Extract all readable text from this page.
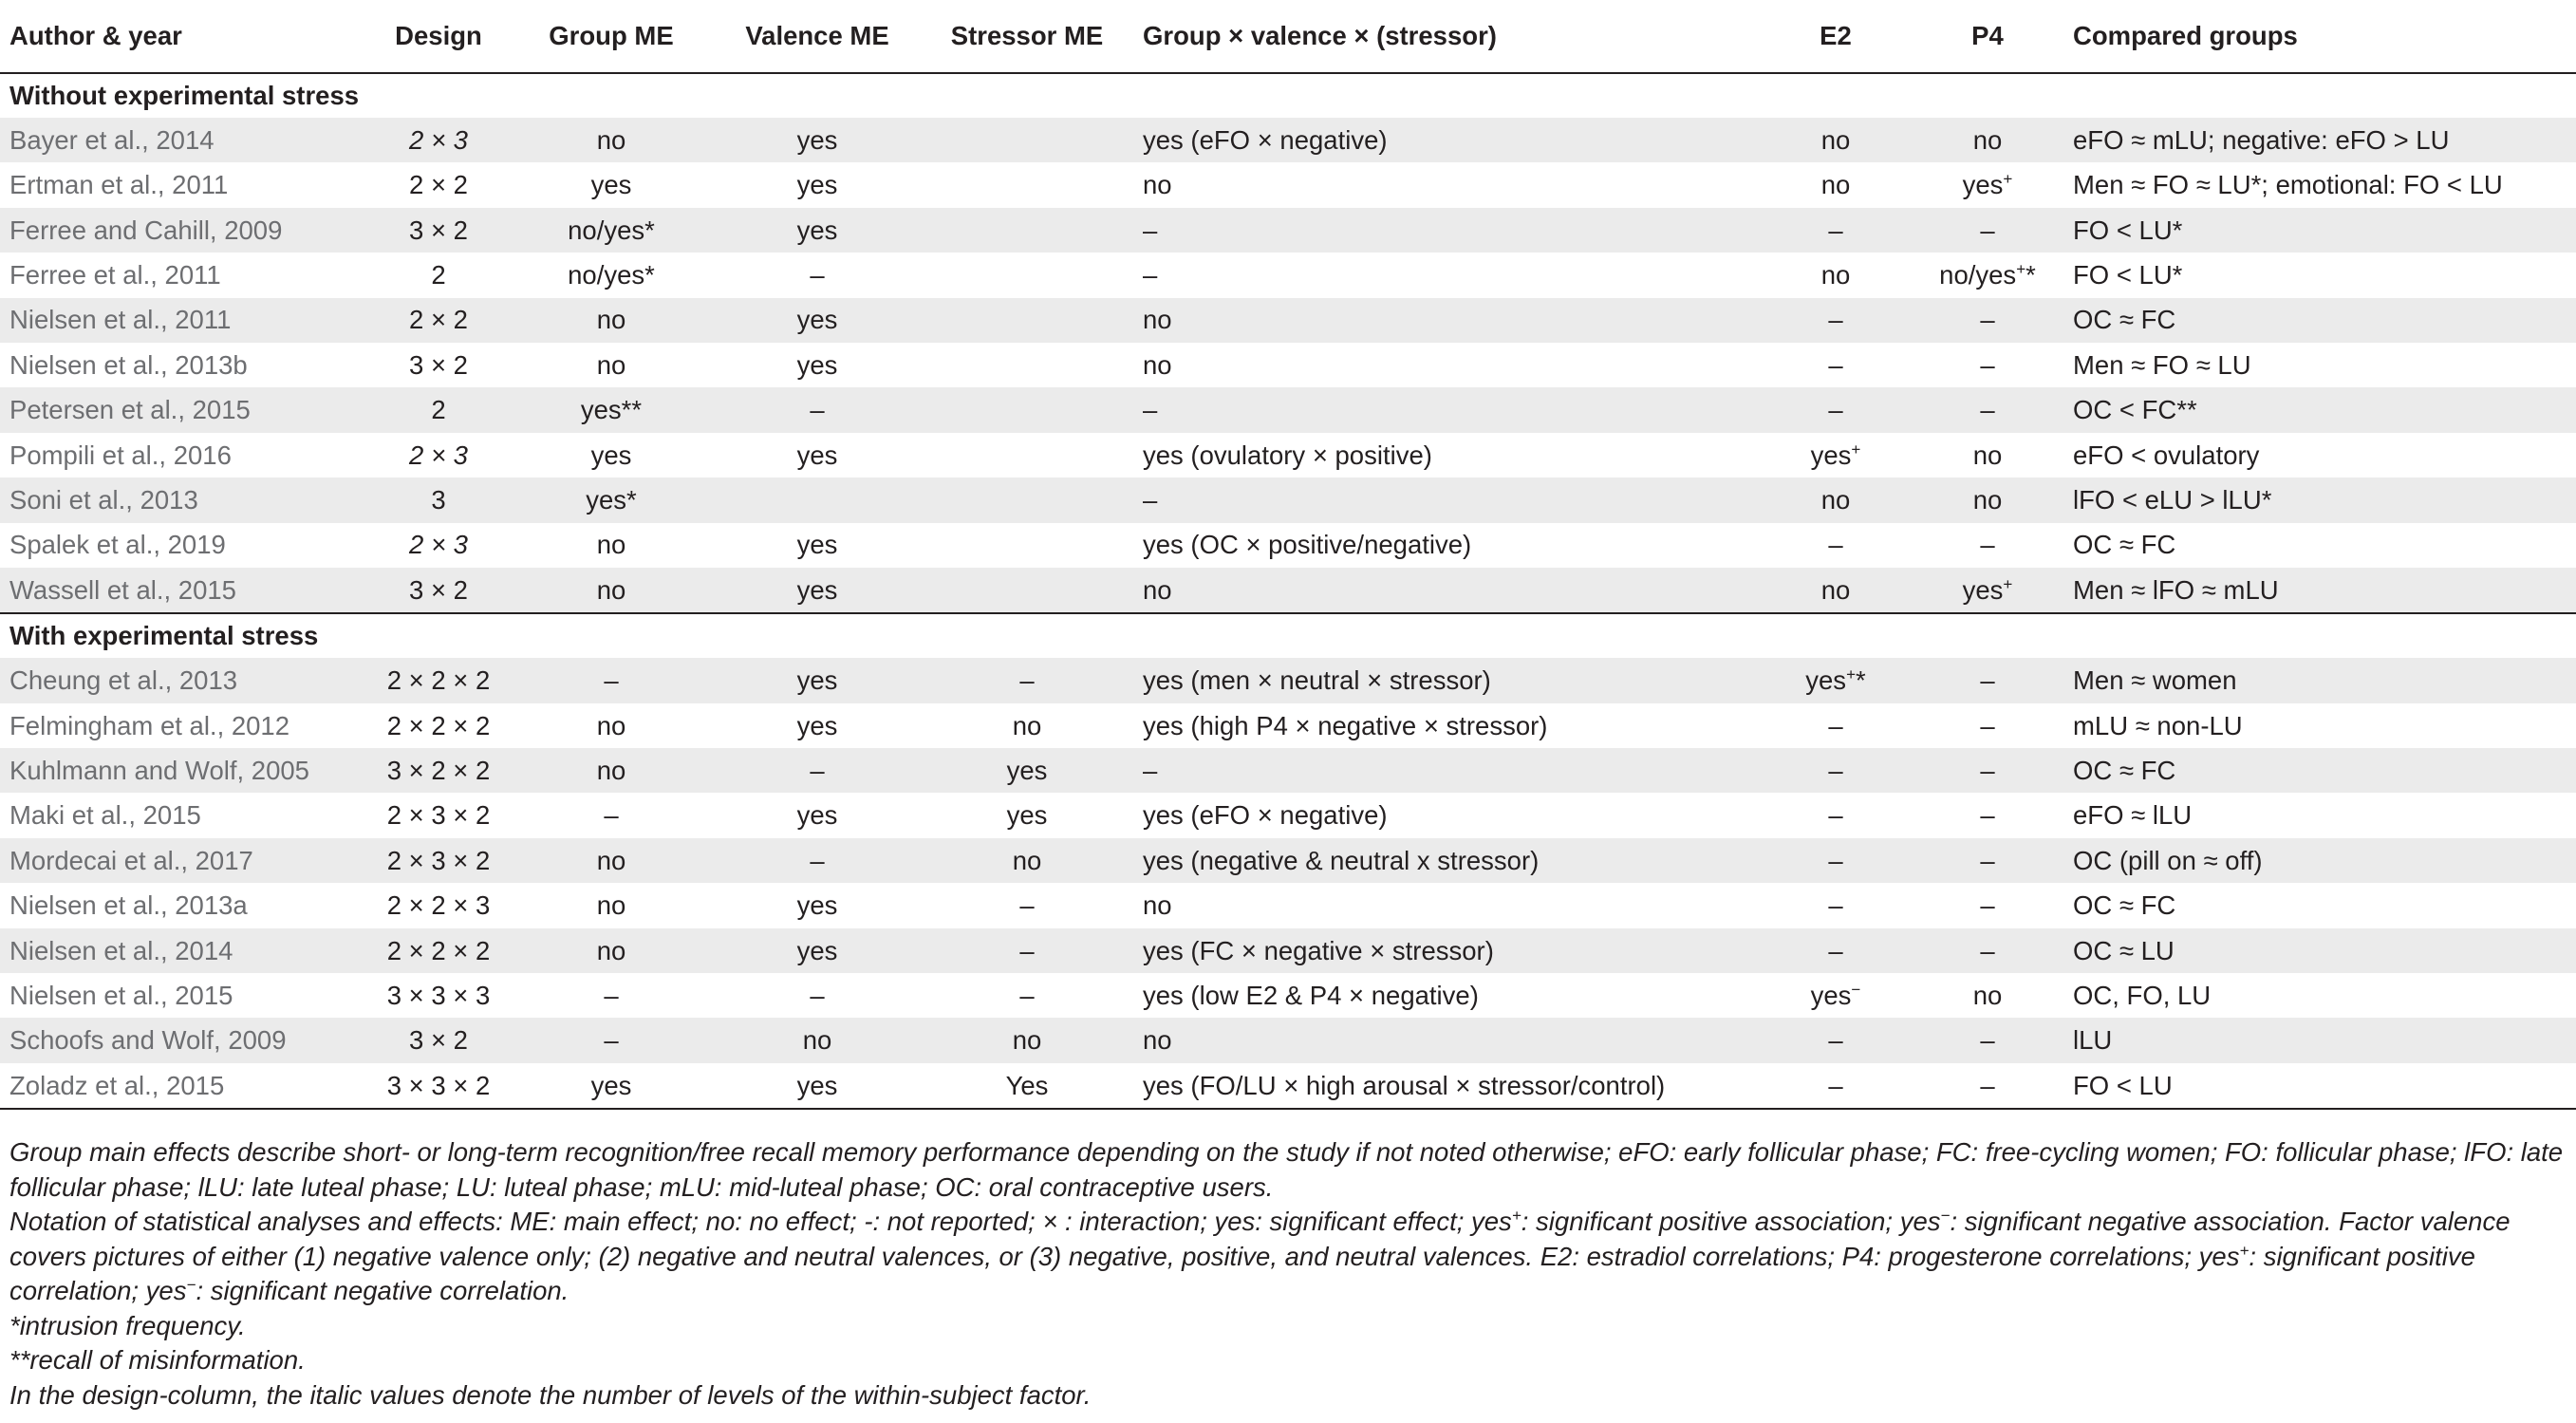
Author & year	Design	Group ME	Valence ME	Stressor ME	Group × valence × (stressor)	E2	P4	Compared groups
Without experimental stress								
Bayer et al., 2014	2 × 3	no	yes		yes (eFO × negative)	no	no	eFO ≈ mLU; negative: eFO > LU
Ertman et al., 2011	2 × 2	yes	yes		no	no	yes+	Men ≈ FO ≈ LU*; emotional: FO < LU
Ferree and Cahill, 2009	3 × 2	no/yes*	yes		–	–	–	FO < LU*
Ferree et al., 2011	2	no/yes*	–		–	no	no/yes+*	FO < LU*
Nielsen et al., 2011	2 × 2	no	yes		no	–	–	OC ≈ FC
Nielsen et al., 2013b	3 × 2	no	yes		no	–	–	Men ≈ FO ≈ LU
Petersen et al., 2015	2	yes**	–		–	–	–	OC < FC**
Pompili et al., 2016	2 × 3	yes	yes		yes (ovulatory × positive)	yes+	no	eFO < ovulatory
Soni et al., 2013	3	yes*			–	no	no	lFO < eLU > lLU*
Spalek et al., 2019	2 × 3	no	yes		yes (OC × positive/negative)	–	–	OC ≈ FC
Wassell et al., 2015	3 × 2	no	yes		no	no	yes+	Men ≈ lFO ≈ mLU
With experimental stress								
Cheung et al., 2013	2 × 2 × 2	–	yes	–	yes (men × neutral × stressor)	yes+*	–	Men ≈ women
Felmingham et al., 2012	2 × 2 × 2	no	yes	no	yes (high P4 × negative × stressor)	–	–	mLU ≈ non-LU
Kuhlmann and Wolf, 2005	3 × 2 × 2	no	–	yes	–	–	–	OC ≈ FC
Maki et al., 2015	2 × 3 × 2	–	yes	yes	yes (eFO × negative)	–	–	eFO ≈ lLU
Mordecai et al., 2017	2 × 3 × 2	no	–	no	yes (negative & neutral x stressor)	–	–	OC (pill on ≈ off)
Nielsen et al., 2013a	2 × 2 × 3	no	yes	–	no	–	–	OC ≈ FC
Nielsen et al., 2014	2 × 2 × 2	no	yes	–	yes (FC × negative × stressor)	–	–	OC ≈ LU
Nielsen et al., 2015	3 × 3 × 3	–	–	–	yes (low E2 & P4 × negative)	yes−	no	OC, FO, LU
Schoofs and Wolf, 2009	3 × 2	–	no	no	no	–	–	lLU
Zoladz et al., 2015	3 × 3 × 2	yes	yes	Yes	yes (FO/LU × high arousal × stressor/control)	–	–	FO < LU

Group main effects describe short- or long-term recognition/free recall memory performance depending on the study if not noted otherwise; eFO: early follicular phase; FC: free-cycling women; FO: follicular phase; lFO: late follicular phase; lLU: late luteal phase; LU: luteal phase; mLU: mid-luteal phase; OC: oral contraceptive users.

Notation of statistical analyses and effects: ME: main effect; no: no effect; -: not reported; × : interaction; yes: significant effect; yes+: significant positive association; yes−: significant negative association. Factor valence covers pictures of either (1) negative valence only; (2) negative and neutral valences, or (3) negative, positive, and neutral valences. E2: estradiol correlations; P4: progesterone correlations; yes+: significant positive correlation; yes−: significant negative correlation.

*intrusion frequency.

**recall of misinformation.

In the design-column, the italic values denote the number of levels of the within-subject factor.
